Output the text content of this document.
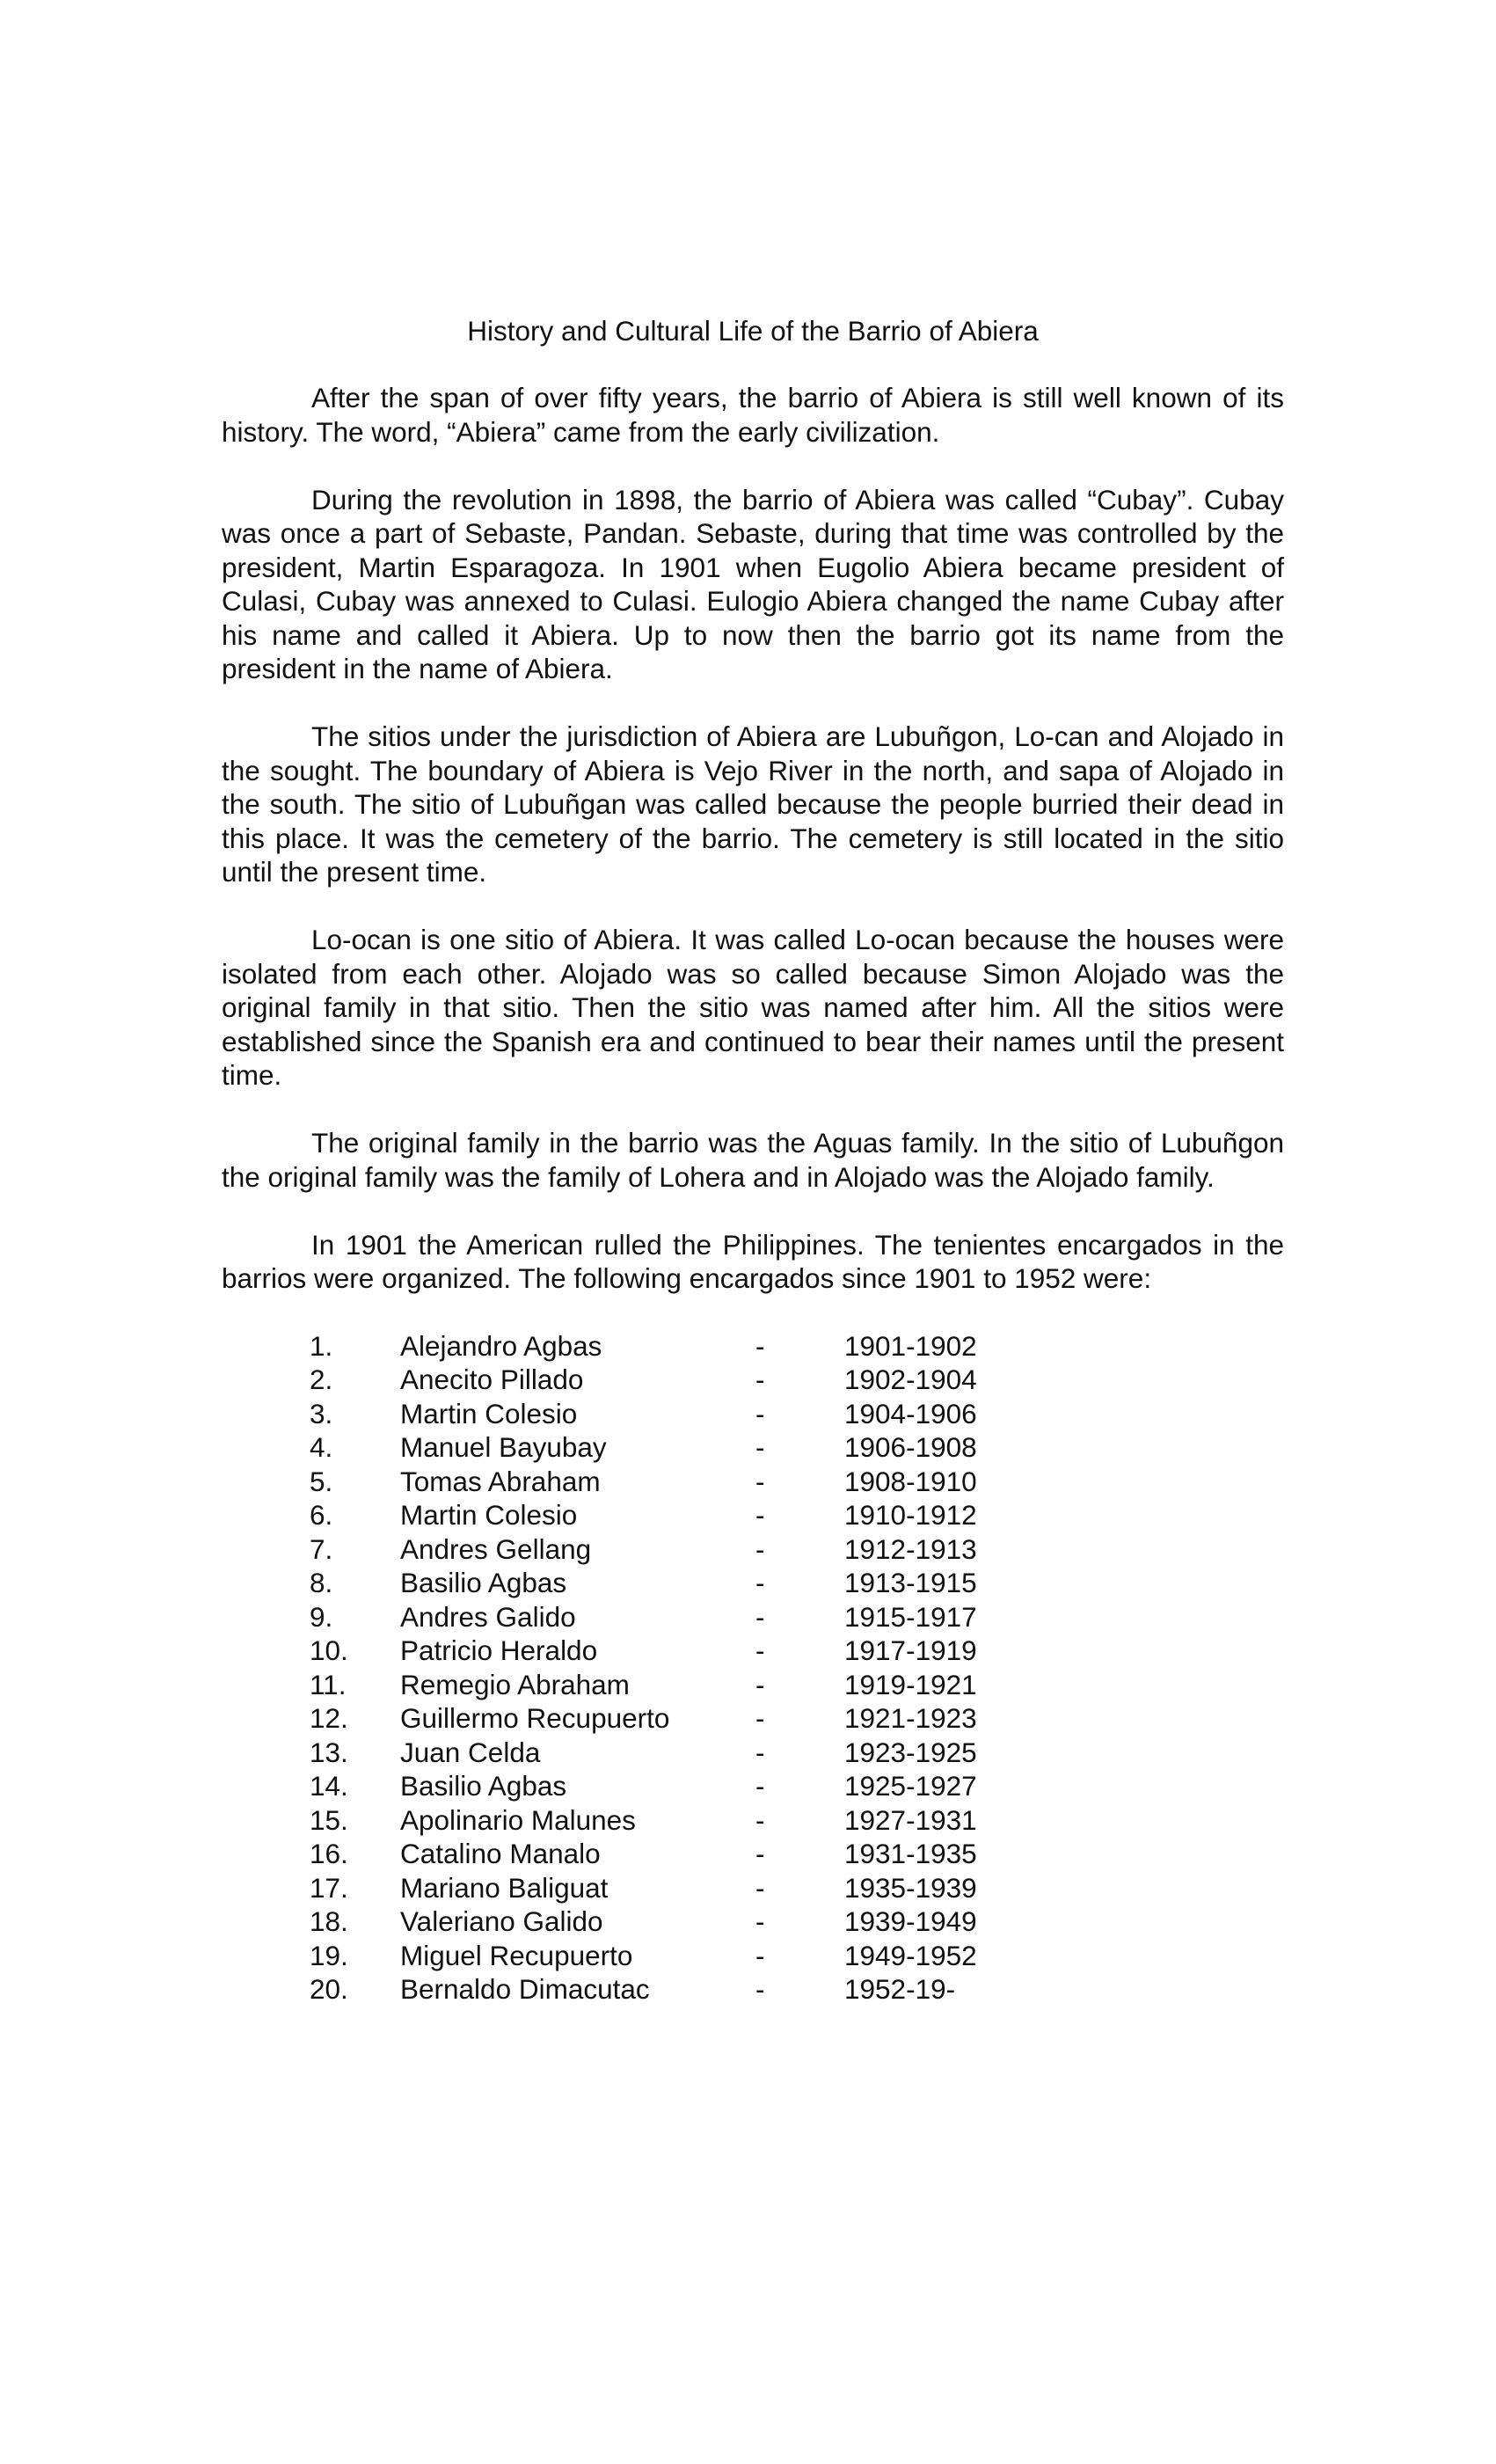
History and Cultural Life of the Barrio of Abiera

After the span of over fifty years, the barrio of Abiera is still well known of its history. The word, “Abiera” came from the early civilization.

During the revolution in 1898, the barrio of Abiera was called “Cubay”. Cubay was once a part of Sebaste, Pandan. Sebaste, during that time was controlled by the president, Martin Esparagoza. In 1901 when Eugolio Abiera became president of Culasi, Cubay was annexed to Culasi. Eulogio Abiera changed the name Cubay after his name and called it Abiera. Up to now then the barrio got its name from the president in the name of Abiera.

The sitios under the jurisdiction of Abiera are Lubuñgon, Lo-can and Alojado in the sought. The boundary of Abiera is Vejo River in the north, and sapa of Alojado in the south. The sitio of Lubuñgan was called because the people burried their dead in this place. It was the cemetery of the barrio. The cemetery is still located in the sitio until the present time.

Lo-ocan is one sitio of Abiera. It was called Lo-ocan because the houses were isolated from each other. Alojado was so called because Simon Alojado was the original family in that sitio. Then the sitio was named after him. All the sitios were established since the Spanish era and continued to bear their names until the present time.

The original family in the barrio was the Aguas family. In the sitio of Lubuñgon the original family was the family of Lohera and in Alojado was the Alojado family.

In 1901 the American rulled the Philippines. The tenientes encargados in the barrios were organized. The following encargados since 1901 to 1952 were:

1.	Alejandro Agbas	-	1901-1902
2.	Anecito Pillado	-	1902-1904
3.	Martin Colesio	-	1904-1906
4.	Manuel Bayubay	-	1906-1908
5.	Tomas Abraham	-	1908-1910
6.	Martin Colesio	-	1910-1912
7.	Andres Gellang	-	1912-1913
8.	Basilio Agbas	-	1913-1915
9.	Andres Galido	-	1915-1917
10.	Patricio Heraldo	-	1917-1919
11.	Remegio Abraham	-	1919-1921
12.	Guillermo Recupuerto	-	1921-1923
13.	Juan Celda	-	1923-1925
14.	Basilio Agbas	-	1925-1927
15.	Apolinario Malunes	-	1927-1931
16.	Catalino Manalo	-	1931-1935
17.	Mariano Baliguat	-	1935-1939
18.	Valeriano Galido	-	1939-1949
19.	Miguel Recupuerto	-	1949-1952
20.	Bernaldo Dimacutac	-	1952-19-
